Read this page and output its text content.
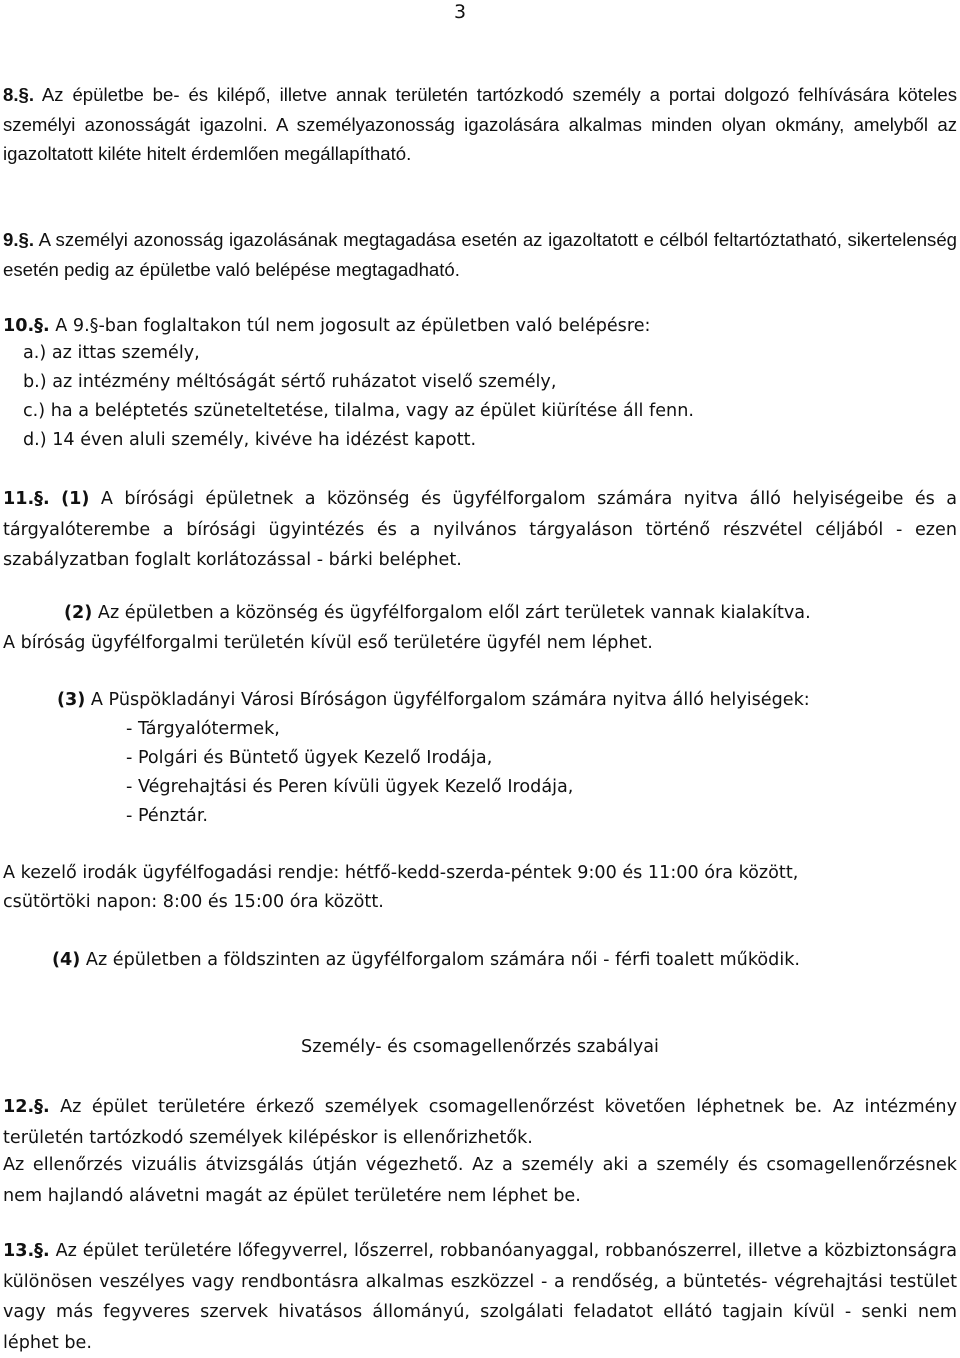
3
8.§. Az épületbe be- és kilépő, illetve annak területén tartózkodó személy a portai dolgozó felhívására köteles személyi azonosságát igazolni. A személyazonosság igazolására alkalmas minden olyan okmány, amelyből az igazoltatott kiléte hitelt érdemlően megállapítható.
9.§. A személyi azonosság igazolásának megtagadása esetén az igazoltatott e célból feltartóztatható, sikertelenség esetén pedig az épületbe való belépése megtagadható.
10.§. A 9.§-ban foglaltakon túl nem jogosult az épületben való belépésre:
a.) az ittas személy,
b.) az intézmény méltóságát sértő ruházatot viselő személy,
c.) ha a beléptetés szüneteltetése, tilalma, vagy az épület kiürítése áll fenn.
d.) 14 éven aluli személy, kivéve ha idézést kapott.
11.§. (1) A bírósági épületnek a közönség és ügyfélforgalom számára nyitva álló helyiségeibe és a tárgyalóterembe a bírósági ügyintézés és a nyilvános tárgyaláson történő részvétel céljából - ezen szabályzatban foglalt korlátozással - bárki beléphet.
(2) Az épületben a közönség és ügyfélforgalom elől zárt területek vannak kialakítva.
A bíróság ügyfélforgalmi területén kívül eső területére ügyfél nem léphet.
(3) A Püspökladányi Városi Bíróságon ügyfélforgalom számára nyitva álló helyiségek:
- Tárgyalótermek,
- Polgári és Büntető ügyek Kezelő Irodája,
- Végrehajtási és Peren kívüli ügyek Kezelő Irodája,
- Pénztár.
A kezelő irodák ügyfélfogadási rendje: hétfő-kedd-szerda-péntek 9:00 és 11:00 óra között,
csütörtöki napon: 8:00 és 15:00 óra között.
(4) Az épületben a földszinten az ügyfélforgalom számára női - férfi toalett működik.
Személy- és csomagellenőrzés szabályai
12.§. Az épület területére érkező személyek csomagellenőrzést követően léphetnek be. Az intézmény területén tartózkodó személyek kilépéskor is ellenőrizhetők.
Az ellenőrzés vizuális átvizsgálás útján végezhető. Az a személy aki a személy és csomagellenőrzésnek nem hajlandó alávetni magát az épület területére nem léphet be.
13.§. Az épület területére lőfegyverrel, lőszerrel, robbanóanyaggal, robbanószerrel, illetve a közbiztonságra különösen veszélyes vagy rendbontásra alkalmas eszközzel - a rendőség, a büntetés- végrehajtási testület vagy más fegyveres szervek hivatásos állományú, szolgálati feladatot ellátó tagjain kívül - senki nem léphet be.
